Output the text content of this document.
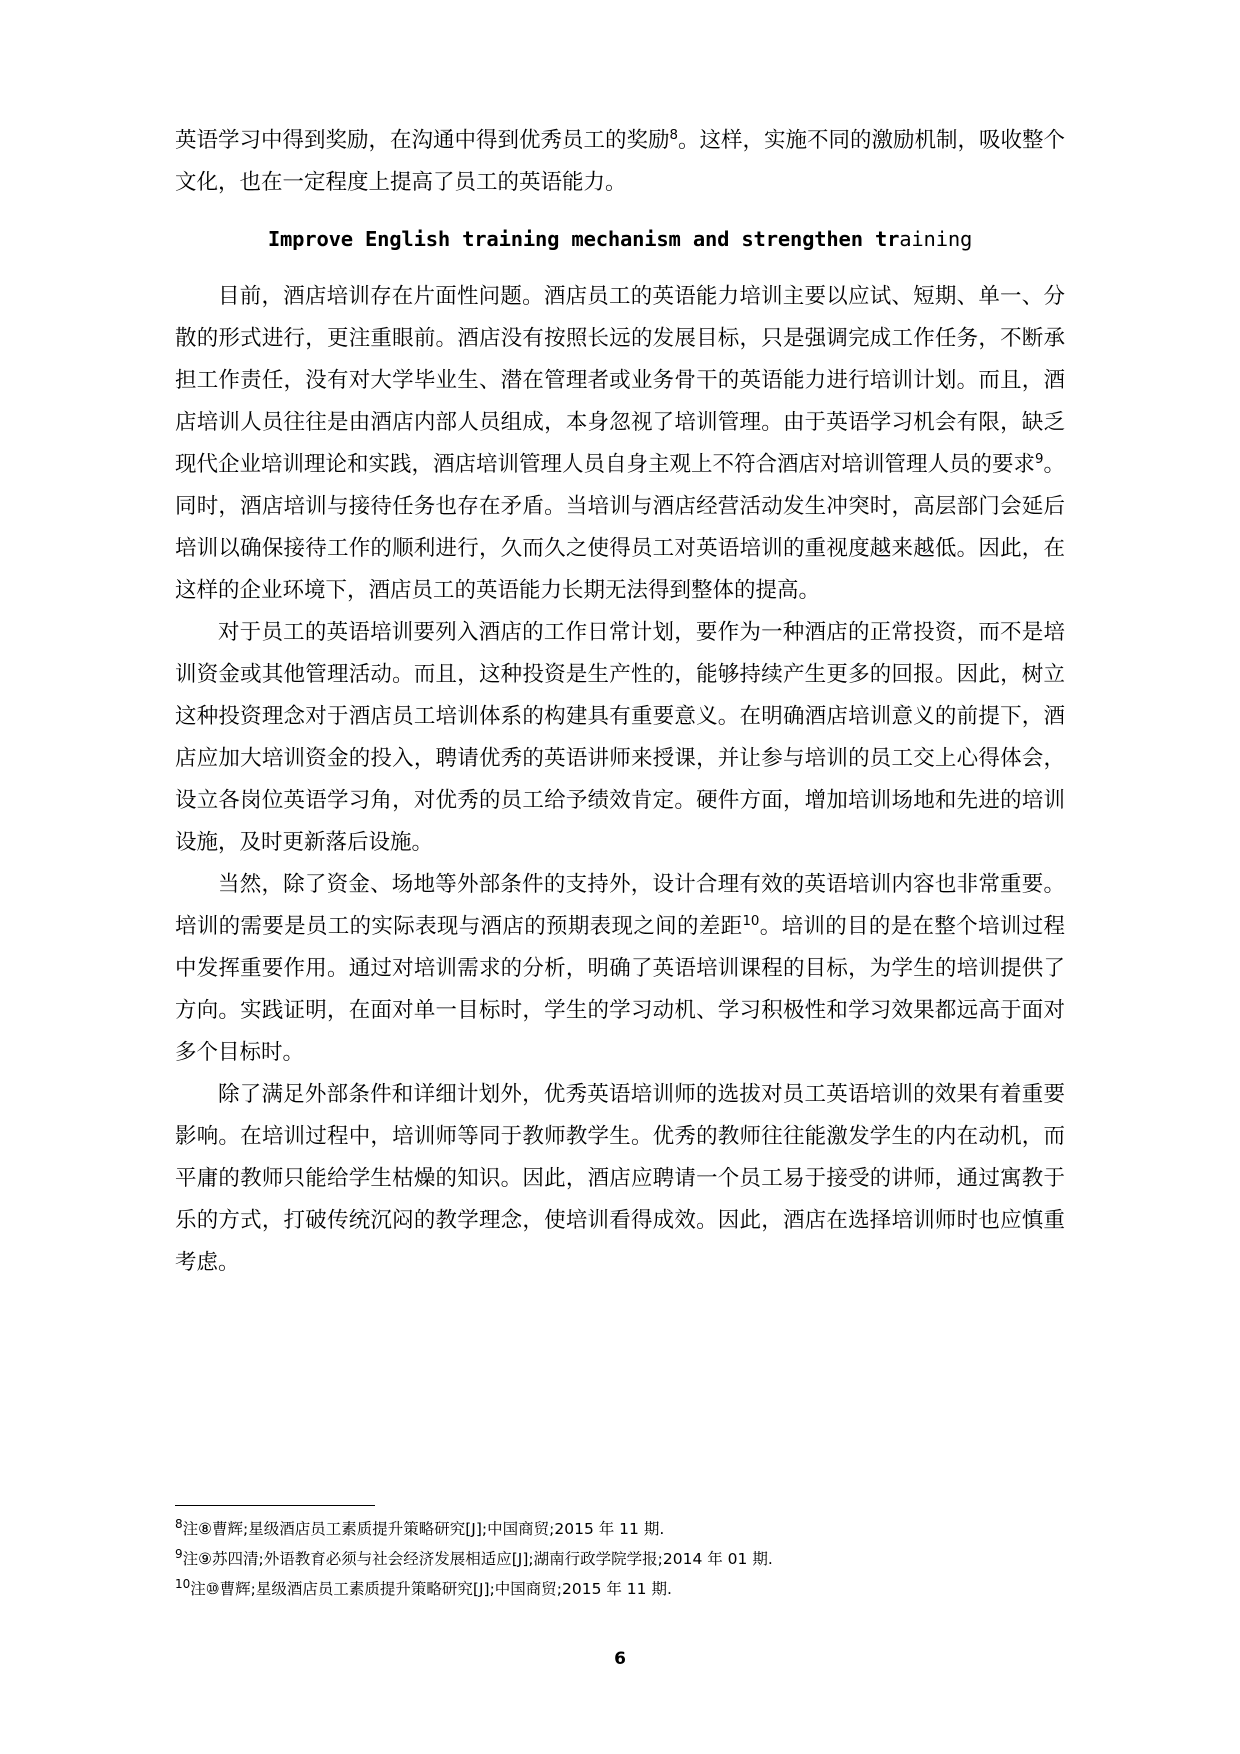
英语学习中得到奖励，在沟通中得到优秀员工的奖励$^8$。这样，实施不同的激励机制，吸收整个文化，也在一定程度上提高了员工的英语能力。

Improve English training mechanism and strengthen training

目前，酒店培训存在片面性问题。酒店员工的英语能力培训主要以应试、短期、单一、分散的形式进行，更注重眼前。酒店没有按照长远的发展目标，只是强调完成工作任务，不断承担工作责任，没有对大学毕业生、潜在管理者或业务骨干的英语能力进行培训计划。而且，酒店培训人员往往是由酒店内部人员组成，本身忽视了培训管理。由于英语学习机会有限，缺乏现代企业培训理论和实践，酒店培训管理人员自身主观上不符合酒店对培训管理人员的要求$^9$。同时，酒店培训与接待任务也存在矛盾。当培训与酒店经营活动发生冲突时，高层部门会延后培训以确保接待工作的顺利进行，久而久之使得员工对英语培训的重视度越来越低。因此，在这样的企业环境下，酒店员工的英语能力长期无法得到整体的提高。

对于员工的英语培训要列入酒店的工作日常计划，要作为一种酒店的正常投资，而不是培训资金或其他管理活动。而且，这种投资是生产性的，能够持续产生更多的回报。因此，树立这种投资理念对于酒店员工培训体系的构建具有重要意义。在明确酒店培训意义的前提下，酒店应加大培训资金的投入，聘请优秀的英语讲师来授课，并让参与培训的员工交上心得体会，设立各岗位英语学习角，对优秀的员工给予绩效肯定。硬件方面，增加培训场地和先进的培训设施，及时更新落后设施。

当然，除了资金、场地等外部条件的支持外，设计合理有效的英语培训内容也非常重要。培训的需要是员工的实际表现与酒店的预期表现之间的差距$^{10}$。培训的目的是在整个培训过程中发挥重要作用。通过对培训需求的分析，明确了英语培训课程的目标，为学生的培训提供了方向。实践证明，在面对单一目标时，学生的学习动机、学习积极性和学习效果都远高于面对多个目标时。

除了满足外部条件和详细计划外，优秀英语培训师的选拔对员工英语培训的效果有着重要影响。在培训过程中，培训师等同于教师教学生。优秀的教师往往能激发学生的内在动机，而平庸的教师只能给学生枯燥的知识。因此，酒店应聘请一个员工易于接受的讲师，通过寓教于乐的方式，打破传统沉闷的教学理念，使培训看得成效。因此，酒店在选择培训师时也应慎重考虑。

$^8$注⑧曹辉;星级酒店员工素质提升策略研究[J];中国商贸;2015 年 11 期.

$^9$注⑨苏四清;外语教育必须与社会经济发展相适应[J];湖南行政学院学报;2014 年 01 期.

$^{10}$注⑩曹辉;星级酒店员工素质提升策略研究[J];中国商贸;2015 年 11 期.

6
